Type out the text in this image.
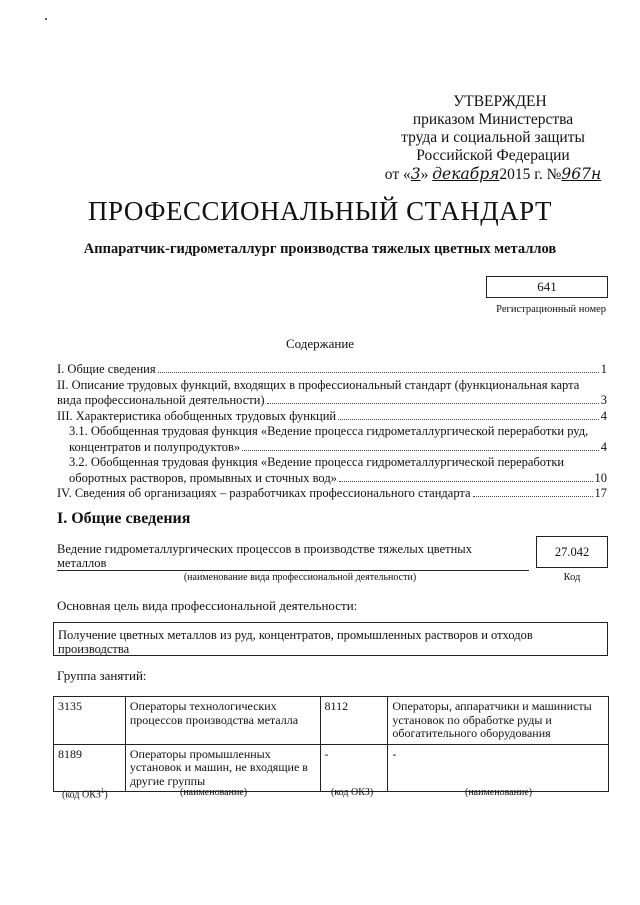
УТВЕРЖДЕН
приказом Министерства
труда и социальной защиты
Российской Федерации
от «3» декабря2015 г. №967н
ПРОФЕССИОНАЛЬНЫЙ СТАНДАРТ
Аппаратчик-гидрометаллург производства тяжелых цветных металлов
641
Регистрационный номер
Содержание
I. Общие сведения	1
II. Описание трудовых функций, входящих в профессиональный стандарт (функциональная карта
вида профессиональной деятельности)	3
III. Характеристика обобщенных трудовых функций	4
3.1. Обобщенная трудовая функция «Ведение процесса гидрометаллургической переработки руд,
концентратов и полупродуктов»	4
3.2. Обобщенная трудовая функция «Ведение процесса гидрометаллургической переработки
оборотных растворов, промывных и сточных вод»	10
IV. Сведения об организациях – разработчиках профессионального стандарта	17
I. Общие сведения
Ведение гидрометаллургических процессов в производстве тяжелых цветных металлов
(наименование вида профессиональной деятельности)
27.042
Код
Основная цель вида профессиональной деятельности:
Получение цветных металлов из руд, концентратов, промышленных растворов и отходов производства
Группа занятий:
3135	Операторы технологических процессов производства металла	8112	Операторы, аппаратчики и машинисты установок по обработке руды и обогатительного оборудования
8189	Операторы промышленных установок и машин, не входящие в другие группы	-	-
(код ОКЗ$^1$)	(наименование)	(код ОКЗ)	(наименование)
